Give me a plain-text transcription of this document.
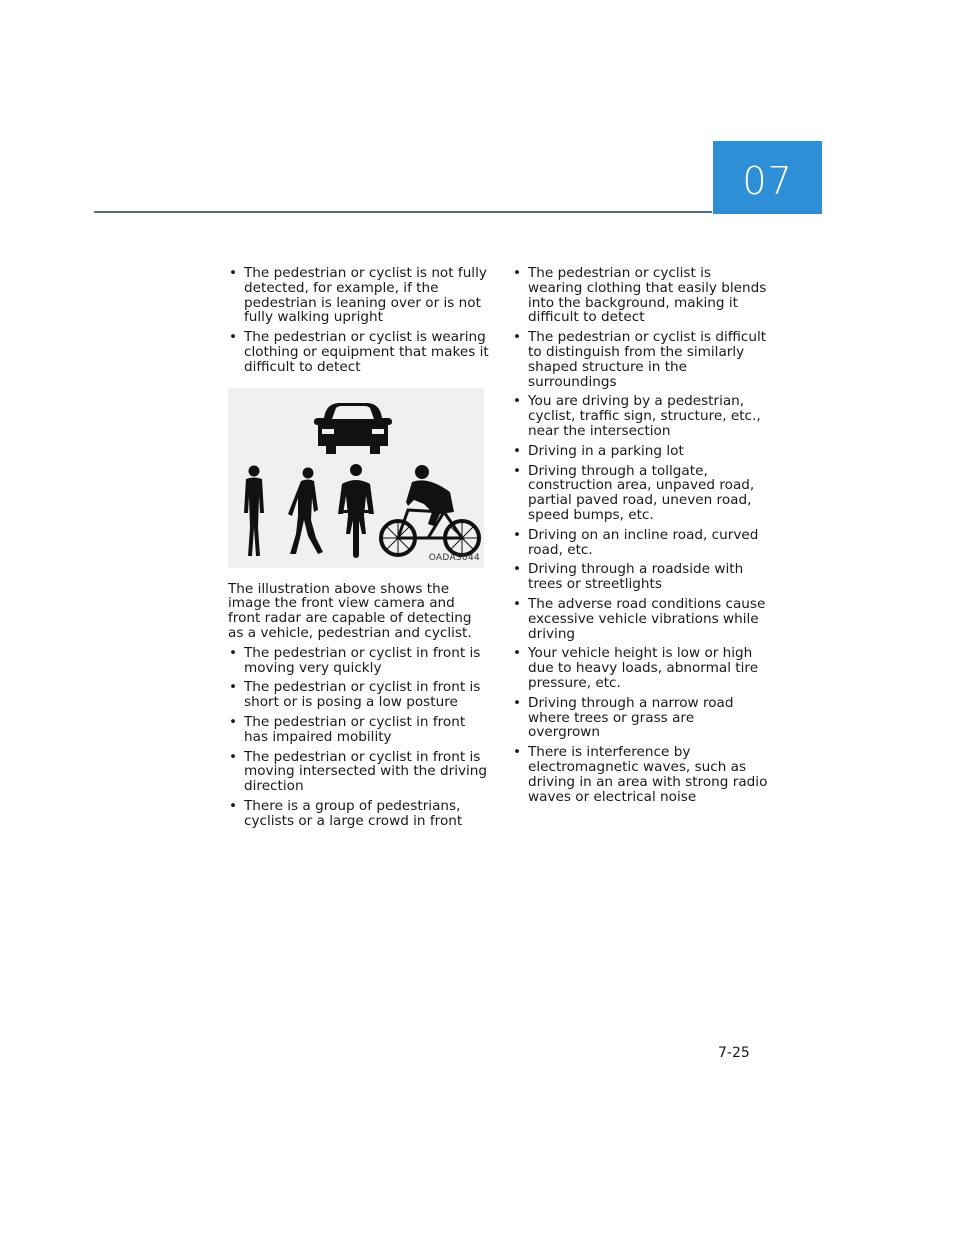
07
• The pedestrian or cyclist is not fully detected, for example, if the pedestrian is leaning over or is not fully walking upright
• The pedestrian or cyclist is wearing clothing or equipment that makes it difficult to detect
OADAS044

The illustration above shows the image the front view camera and front radar are capable of detecting as a vehicle, pedestrian and cyclist.

• The pedestrian or cyclist in front is moving very quickly
• The pedestrian or cyclist in front is short or is posing a low posture
• The pedestrian or cyclist in front has impaired mobility
• The pedestrian or cyclist in front is moving intersected with the driving direction
• There is a group of pedestrians, cyclists or a large crowd in front
• The pedestrian or cyclist is wearing clothing that easily blends into the background, making it difficult to detect
• The pedestrian or cyclist is difficult to distinguish from the similarly shaped structure in the surroundings
• You are driving by a pedestrian, cyclist, traffic sign, structure, etc., near the intersection
• Driving in a parking lot
• Driving through a tollgate, construction area, unpaved road, partial paved road, uneven road, speed bumps, etc.
• Driving on an incline road, curved road, etc.
• Driving through a roadside with trees or streetlights
• The adverse road conditions cause excessive vehicle vibrations while driving
• Your vehicle height is low or high due to heavy loads, abnormal tire pressure, etc.
• Driving through a narrow road where trees or grass are overgrown
• There is interference by electromagnetic waves, such as driving in an area with strong radio waves or electrical noise
7-25
